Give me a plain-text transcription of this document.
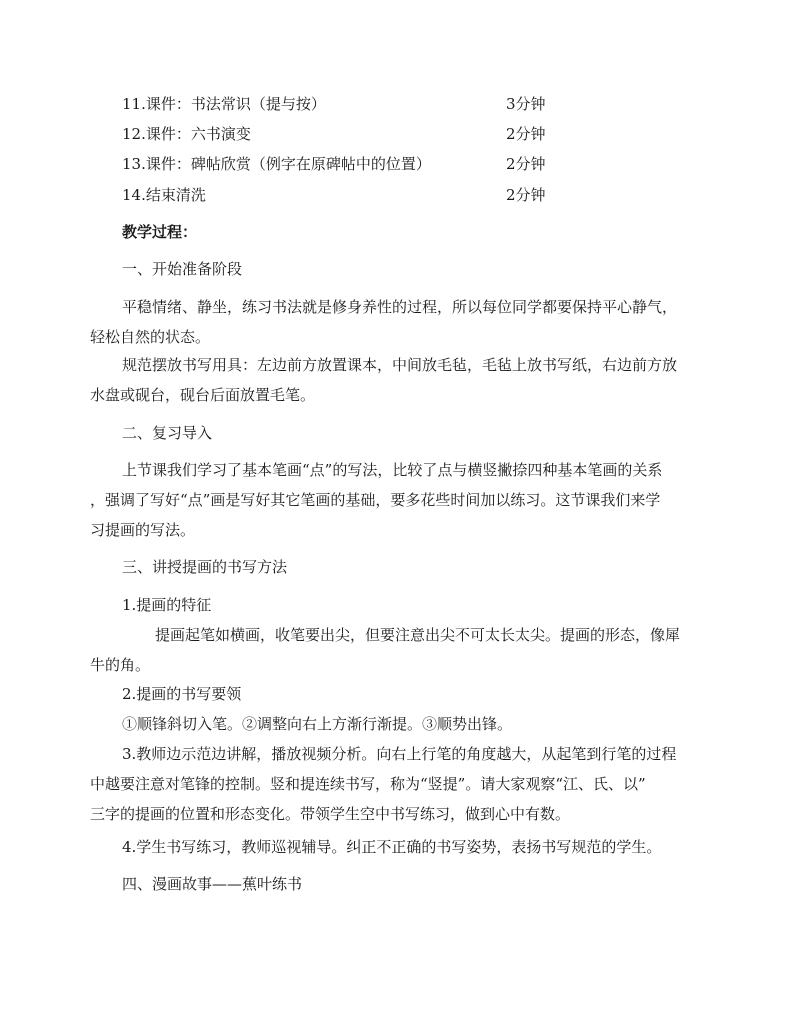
11.课件：书法常识（提与按）	3分钟
12.课件：六书演变	2分钟
13.课件：碑帖欣赏（例字在原碑帖中的位置）	2分钟
14.结束清洗	2分钟
教学过程：
一、开始准备阶段
平稳情绪、静坐，练习书法就是修身养性的过程，所以每位同学都要保持平心静气，
轻松自然的状态。
规范摆放书写用具：左边前方放置课本，中间放毛毡，毛毡上放书写纸，右边前方放
水盘或砚台，砚台后面放置毛笔。
二、复习导入
上节课我们学习了基本笔画“点”的写法，比较了点与横竖撇捺四种基本笔画的关系
，强调了写好“点”画是写好其它笔画的基础，要多花些时间加以练习。这节课我们来学
习提画的写法。
三、讲授提画的书写方法
1.提画的特征
提画起笔如横画，收笔要出尖，但要注意出尖不可太长太尖。提画的形态，像犀
牛的角。
2.提画的书写要领
①顺锋斜切入笔。②调整向右上方渐行渐提。③顺势出锋。
3.教师边示范边讲解，播放视频分析。向右上行笔的角度越大，从起笔到行笔的过程
中越要注意对笔锋的控制。竖和提连续书写，称为“竖提”。请大家观察“江、氏、以”
三字的提画的位置和形态变化。带领学生空中书写练习，做到心中有数。
4.学生书写练习，教师巡视辅导。纠正不正确的书写姿势，表扬书写规范的学生。
四、漫画故事——蕉叶练书
